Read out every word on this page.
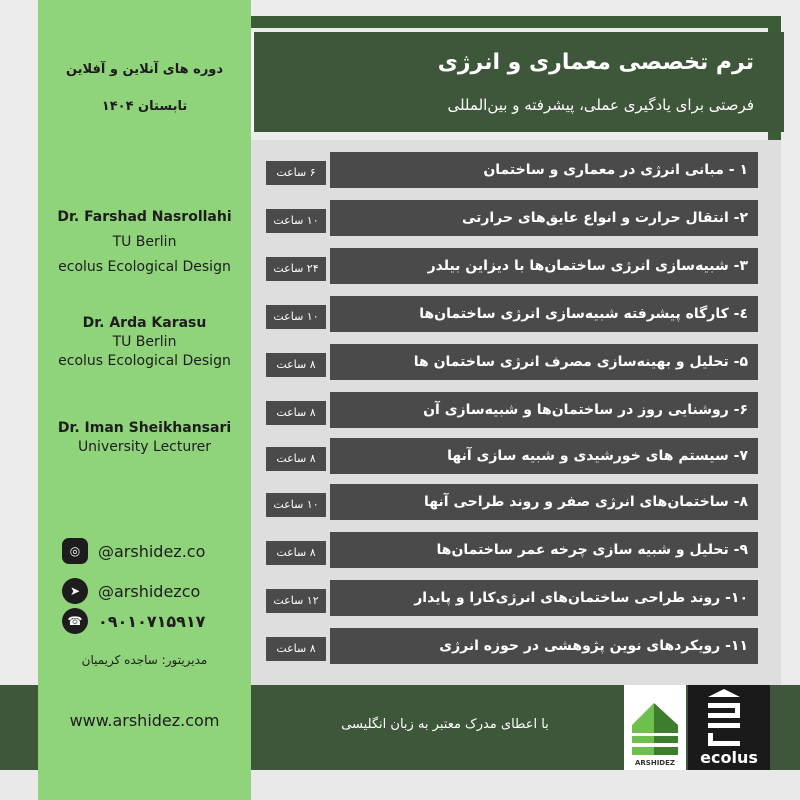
دوره های آنلاین و آفلاین
تابستان ۱۴۰۴
Dr. Farshad Nasrollahi
TU Berlin
ecolus Ecological Design
Dr. Arda Karasu
TU Berlin
ecolus Ecological Design
Dr. Iman Sheikhansari
University Lecturer
◎	@arshidez.co
➤	@arshidezco
☎ ۰۹۰۱۰۷۱۵۹۱۷
مدیریتور: ساجده کریمیان
ترم تخصصی معماری و انرژی
فرصتی برای یادگیری عملی، پیشرفته و بین‌المللی
۶ ساعت	۱ - مبانی انرژی در معماری و ساختمان
۱۰ ساعت	۲- انتقال حرارت و انواع عایق‌های حرارتی
۲۴ ساعت	۳- شبیه‌سازی انرژی ساختمان‌ها با دیزاین بیلدر
۱۰ ساعت	٤- کارگاه پیشرفته شبیه‌سازی انرژی ساختمان‌ها
۸ ساعت	۵- تحلیل و بهینه‌سازی مصرف انرژی ساختمان ها
۸ ساعت	۶- روشنایی روز در ساختمان‌ها و شبیه‌سازی آن
۸ ساعت	۷- سیستم های خورشیدی و شبیه سازی آنها
۱۰ ساعت	۸- ساختمان‌های انرژی صفر و روند طراحی آنها
۸ ساعت	۹- تحلیل و شبیه سازی چرخه عمر ساختمان‌ها
۱۲ ساعت	۱۰- روند طراحی ساختمان‌های انرژی‌کارا و پایدار
۸ ساعت	۱۱- رویکردهای نوین پژوهشی در حوزه انرژی
www.arshidez.com	با اعطای مدرک معتبر به زبان انگلیسی
ARSHIDEZ ecolus
